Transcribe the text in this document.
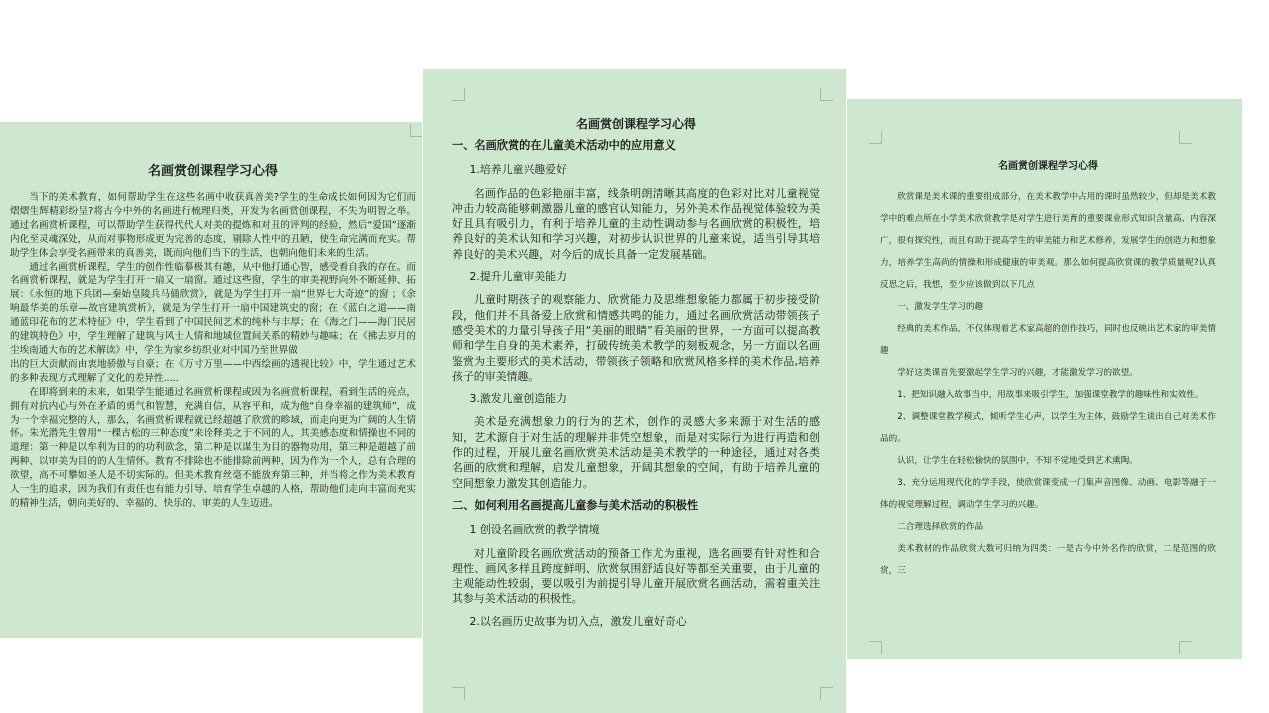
名画赏创课程学习心得

当下的美术教育，如何帮助学生在这些名画中收获真善美?学生的生命成长如何因为它们而熠熠生辉精彩纷呈?将古今中外的名画进行梳理归类，开发为名画赏创课程，不失为明智之举。通过名画赏析课程，可以帮助学生获得代代人对美的提炼和对丑的评判的经验，然后“爱国”逐渐内化至灵魂深处，从而对事物形成更为完善的态度，剔除人性中的丑陋，使生命完满而充实。帮助学生体会享受名画带来的真善美，既而向他们当下的生活，也朝向他们未来的生活。

通过名画赏析课程，学生的创作性临摹极其有趣，从中他打通心智，感受着自我的存在。而名画赏析课程，就是为学生打开一扇又一扇窗。通过这些窗，学生的审美视野向外不断延伸、拓展：《永恒的地下兵团—秦始皇陵兵马俑欣赏》，就是为学生打开一扇“世界七大奇迹”的窗 ；《余响最华美的乐章—故宫建筑赏析》，就是为学生打开一扇中国建筑史的窗；在《蓝白之道——南通蓝印花布的艺术特征》中，学生看到了中国民间艺术的纯朴与丰厚；在《海之门——海门民居的建筑特色》中，学生理解了建筑与风士人情和地域位置间关系的精妙与趣味；在《拂去岁月的尘埃南通大布的艺术解读》中，学生为家乡纺织业对中国乃至世界做

出的巨大贡献而由衷地骄傲与自豪；在《万寸万里——中西绘画的透视比较》中，学生通过艺术的多种表现方式理解了文化的差异性.....

在即将到来的未来，如果学生能通过名画赏析课程或因为名画赏析课程，看到生活的亮点，拥有对抗内心与外在矛盾的勇气和智慧，充满自信，从容平和，成为他“自身幸福的建筑师”，成为一个幸福完整的人，那么，名画赏析课程就已经超越了欣赏的畛域，而走向更为广阔的人生情怀。朱光潜先生曾用“一棵古松的三种态度”来诠释美之于不同的人，其美感态度和情操也不同的道理：第一种是以牟利为目的的功利欲念，第二种是以谋生为目的器物功用，第三种是超越了前两种、以审美为目的的人生情怀。教育不排除也不能排除前两种，因为作为一个人，总有合理的欲望，高不可攀如圣人是不切实际的。但美术教育丝毫不能放弃第三种，并当将之作为美术教育人一生的追求，因为我们有责任也有能力引导、培育学生卓越的人格，帮助他们走向丰富而充实的精神生活，朝向美好的、幸福的、快乐的、审美的人生迈进。

名画赏创课程学习心得

一、名画欣赏的在儿童美术活动中的应用意义

1.培养儿童兴趣爱好

名画作品的色彩艳丽丰富，线条明朗清晰其高度的色彩对比对儿童视觉冲击力较高能够刺激器儿童的感官认知能力，另外美术作品视觉体验较为美好且具有吸引力，有利于培养儿童的主动性调动参与名画欣赏的积极性，培养良好的美术认知和学习兴趣，对初步认识世界的儿童来说，适当引导其培养良好的美术兴趣，对今后的成长具备一定发展基础。

2.提升儿童审美能力

儿童时期孩子的观察能力、欣赏能力及思维想象能力都属于初步接受阶段，他们并不具备爱上欣赏和情感共鸣的能力，通过名画欣赏活动带领孩子感受美术的力量引导孩子用“美丽的眼睛”看美丽的世界，一方面可以提高教师和学生自身的美术素养，打破传统美术教学的刻板观念，另一方面以名画鉴赏为主要形式的美术活动，带领孩子领略和欣赏风格多样的美术作品,培养孩子的审美情趣。

3.激发儿童创造能力

美术是充满想象力的行为的艺术，创作的灵感大多来源于对生活的感知，艺术源自于对生活的理解并非凭空想象，而是对实际行为进行再造和创作的过程，开展儿童名画欣赏美术活动是美术教学的一种途径，通过对各类名画的欣赏和理解，启发儿童想象，开阔其想象的空间，有助于培养儿童的空间想象力激发其创造能力。

二、如何利用名画提高儿童参与美术活动的积极性

1 创设名画欣赏的教学情境

对儿童阶段名画欣赏活动的预备工作尤为重视，选名画要有针对性和合理性、画风多样且跨度鲜明、欣赏氛围舒适良好等都至关重要，由于儿童的主观能动性较弱，要以吸引为前提引导儿童开展欣赏名画活动，需着重关注其参与美术活动的积极性。

2.以名画历史故事为切入点，激发儿童好奇心

名画赏创课程学习心得

欣赏课是美术课的重要组成部分，在美术教学中占用的课时虽然较少，但却是美术教学中的难点所在小学美术欣赏教学是对学生进行美育的重要课业形式知识含量高、内容深广，很有探究性，而且有助于提高学生的审美能力和艺术修养，发展学生的创造力和想象力，培养学生高尚的情操和形成健康的审美观。那么如何提高欣赏课的教学质量呢?认真反思之后，我想，至少应该做到以下几点

一、激发学生学习的趣

经典的美术作品，不仅体现着艺术家高超的创作技巧，同时也反映出艺术家的审美情趣

学好这类课首先要激起学生学习的兴趣，才能激发学习的欲望。

1、把知识融入故事当中，用故事来吸引学生，加强课堂教学的趣味性和实效性。

2、调整课堂教学模式，倾听学生心声，以学生为主体，鼓励学生谈出自己对美术作品的。

认识，让学生在轻松愉快的氛围中，不知不觉地受到艺术熏陶。

3、充分运用现代化的学手段，使欣赏课变成一门集声音图像、动画、电影等融于一体的视觉理解过程，调动学生学习的兴趣。

二合理选择欣赏的作品

美术教材的作品欣赏大数可归纳为四类：一是古今中外名作的欣赏，二是范图的欣赏，三
